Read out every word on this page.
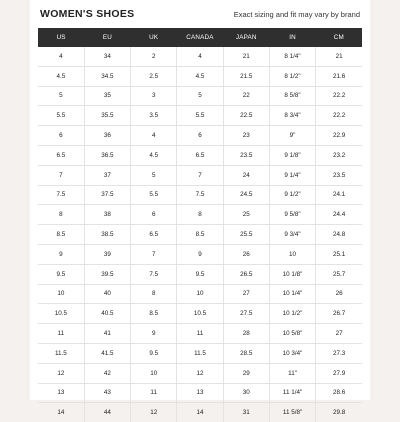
WOMEN'S SHOES	Exact sizing and fit may vary by brand
US	EU	UK	CANADA	JAPAN	IN	CM
4	34	2	4	21	8 1/4"	21
4.5	34.5	2.5	4.5	21.5	8 1/2"	21.6
5	35	3	5	22	8 5/8"	22.2
5.5	35.5	3.5	5.5	22.5	8 3/4"	22.2
6	36	4	6	23	9"	22.9
6.5	36.5	4.5	6.5	23.5	9 1/8"	23.2
7	37	5	7	24	9 1/4"	23.5
7.5	37.5	5.5	7.5	24.5	9 1/2"	24.1
8	38	6	8	25	9 5/8"	24.4
8.5	38.5	6.5	8.5	25.5	9 3/4"	24.8
9	39	7	9	26	10	25.1
9.5	39.5	7.5	9.5	26.5	10 1/8"	25.7
10	40	8	10	27	10 1/4"	26
10.5	40.5	8.5	10.5	27.5	10 1/2"	26.7
11	41	9	11	28	10 5/8"	27
11.5	41.5	9.5	11.5	28.5	10 3/4"	27.3
12	42	10	12	29	11"	27.9
13	43	11	13	30	11 1/4"	28.6
14	44	12	14	31	11 5/8"	29.8
